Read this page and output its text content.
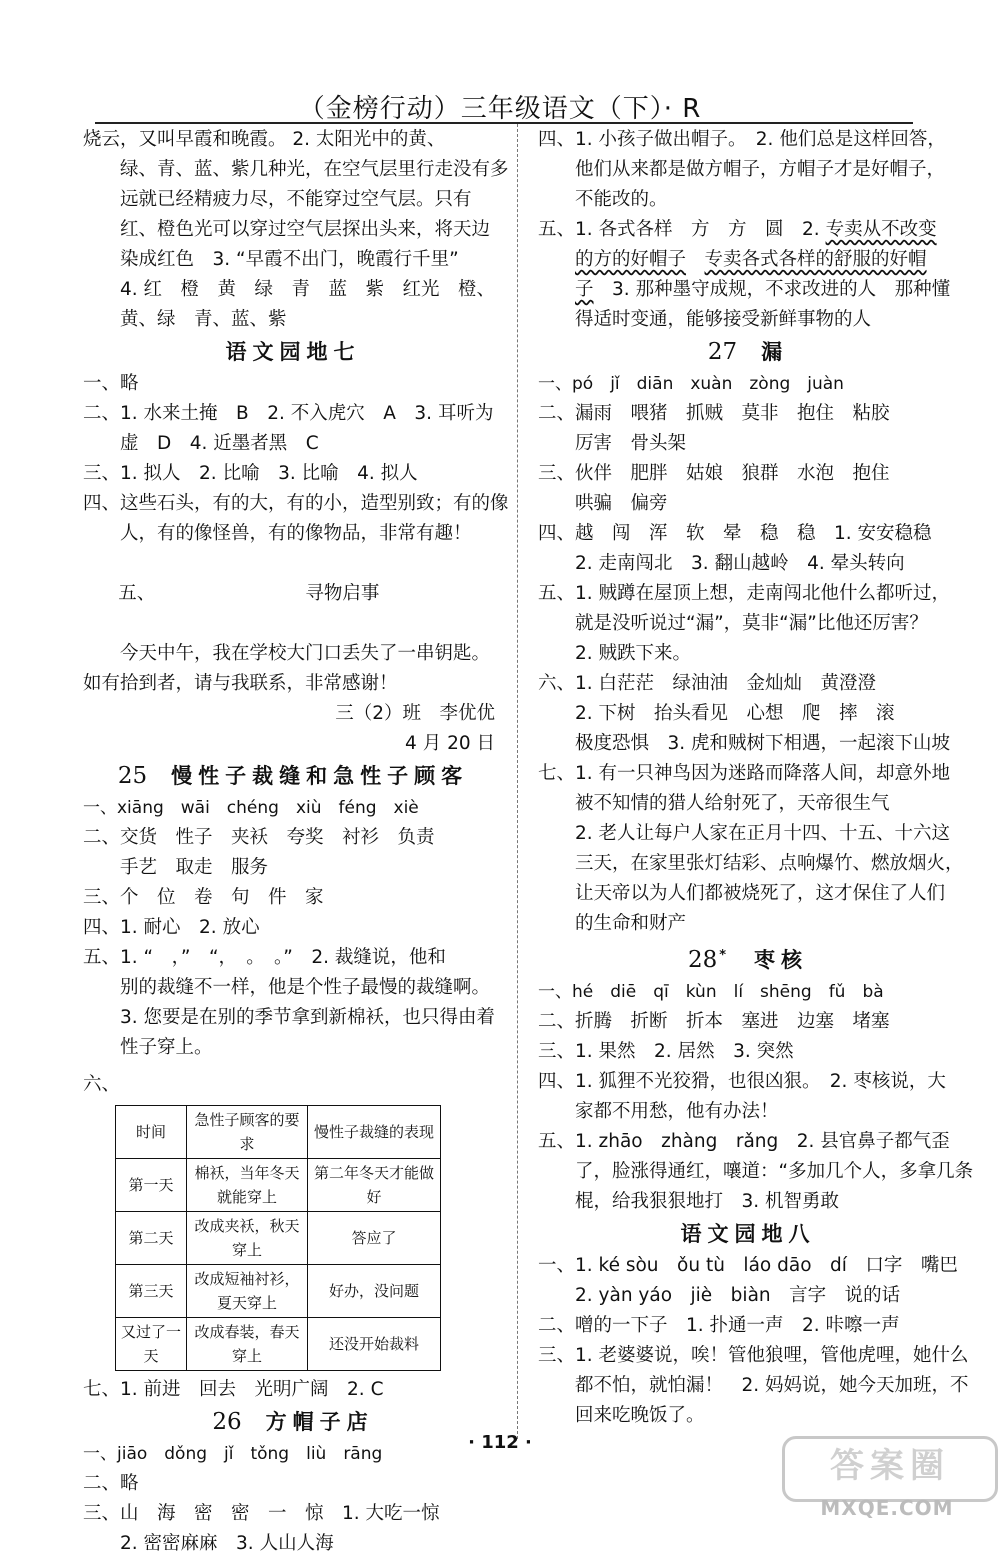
（金榜行动）三年级语文（下）· R
烧云，又叫早霞和晚霞。 2. 太阳光中的黄、
绿、青、蓝、紫几种光，在空气层里行走没有多
远就已经精疲力尽，不能穿过空气层。只有
红、橙色光可以穿过空气层探出头来，将天边
染成红色　3. “早霞不出门，晚霞行千里”
4. 红　橙　黄　绿　青　蓝　紫　红光　橙、
黄、绿　青、蓝、紫
语文园地七
一、略
二、1. 水来土掩　B　2. 不入虎穴　A　3. 耳听为
虚　D　4. 近墨者黑　C
三、1. 拟人　2. 比喻　3. 比喻　4. 拟人
四、这些石头，有的大，有的小，造型别致；有的像
人，有的像怪兽，有的像物品，非常有趣！

五、	寻物启事

今天中午，我在学校大门口丢失了一串钥匙。
如有拾到者，请与我联系，非常感谢！
三（2）班　李优优
4 月 20 日
25 慢性子裁缝和急性子顾客
一、xiāng　wāi　chéng　xiù　féng　xiè
二、交货　性子　夹袄　夸奖　衬衫　负责
手艺　取走　服务
三、个　位　卷　句　件　家
四、1. 耐心　2. 放心
五、1. “　，”　“，　。　。”　2. 裁缝说，他和
别的裁缝不一样，他是个性子最慢的裁缝啊。
3. 您要是在别的季节拿到新棉袄，也只得由着
性子穿上。
六、
时间	急性子顾客的要求	慢性子裁缝的表现
第一天	棉袄，当年冬天就能穿上	第二年冬天才能做好
第二天	改成夹袄，秋天穿上	答应了
第三天	改成短袖衬衫，夏天穿上	好办，没问题
又过了一天	改成春装，春天穿上	还没开始裁料
七、1. 前进　回去　光明广阔　2. C
26 方帽子店
一、jiāo　dǒng　jǐ　tǒng　liù　rāng
二、略
三、山　海　密　密　一　惊　1. 大吃一惊
2. 密密麻麻　3. 人山人海
四、1. 小孩子做出帽子。　2. 他们总是这样回答，
他们从来都是做方帽子，方帽子才是好帽子，
不能改的。
五、1. 各式各样　方　方　圆　2. 专卖从不改变
的方的好帽子　 专卖各式各样的舒服的好帽
子　 3. 那种墨守成规，不求改进的人　那种懂
得适时变通，能够接受新鲜事物的人
27 漏
一、pó　jǐ　diān　xuàn　zòng　juàn
二、漏雨　喂猪　抓贼　莫非　抱住　粘胶
厉害　骨头架
三、伙伴　肥胖　姑娘　狼群　水泡　抱住
哄骗　偏旁
四、越　闯　浑　软　晕　稳　稳　1. 安安稳稳
2. 走南闯北　3. 翻山越岭　4. 晕头转向
五、1. 贼蹲在屋顶上想，走南闯北他什么都听过，
就是没听说过“漏”，莫非“漏”比他还厉害？
2. 贼跌下来。
六、1. 白茫茫　绿油油　金灿灿　黄澄澄
2. 下树　抬头看见　心想　爬　摔　滚
极度恐惧　3. 虎和贼树下相遇，一起滚下山坡
七、1. 有一只神鸟因为迷路而降落人间，却意外地
被不知情的猎人给射死了，天帝很生气
2. 老人让每户人家在正月十四、十五、十六这
三天，在家里张灯结彩、点响爆竹、燃放烟火，
让天帝以为人们都被烧死了，这才保住了人们
的生命和财产
28 * 枣核
一、hé　diē　qī　kùn　lí　shēng　fǔ　bà
二、折腾　折断　折本　塞进　边塞　堵塞
三、1. 果然　2. 居然　3. 突然
四、1. 狐狸不光狡猾，也很凶狠。　2. 枣核说，大
家都不用愁，他有办法！
五、1. zhāo　zhàng　rǎng　2. 县官鼻子都气歪
了，脸涨得通红，嚷道：“多加几个人，多拿几条
棍，给我狠狠地打　3. 机智勇敢
语文园地八
一、1. ké sòu　ǒu tù　láo dāo　dí　口字　嘴巴
2. yàn yáo　jiè　biàn　言字　说的话
二、噌的一下子　1. 扑通一声　2. 咔嚓一声
三、1. 老婆婆说，唉！管他狼哩，管他虎哩，她什么
都不怕，就怕漏！　2. 妈妈说，她今天加班，不
回来吃晚饭了。
· 112 ·
答案圈
MXQE.COM
